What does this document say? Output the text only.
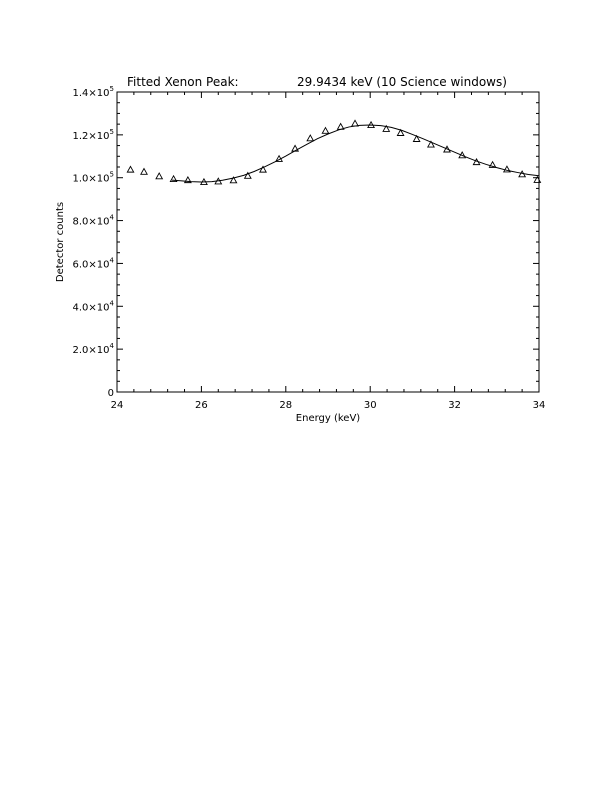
Fitted Xenon Peak:	29.9434 keV (10 Science windows)
24	26	28	30	32	34
0
$2.0\times 10^4$
$4.0\times 10^4$
$6.0\times 10^4$
$8.0\times 10^4$
$1.0\times 10^5$
$1.2\times 10^5$
$1.4\times 10^5$
Energy (keV)
Detector counts
